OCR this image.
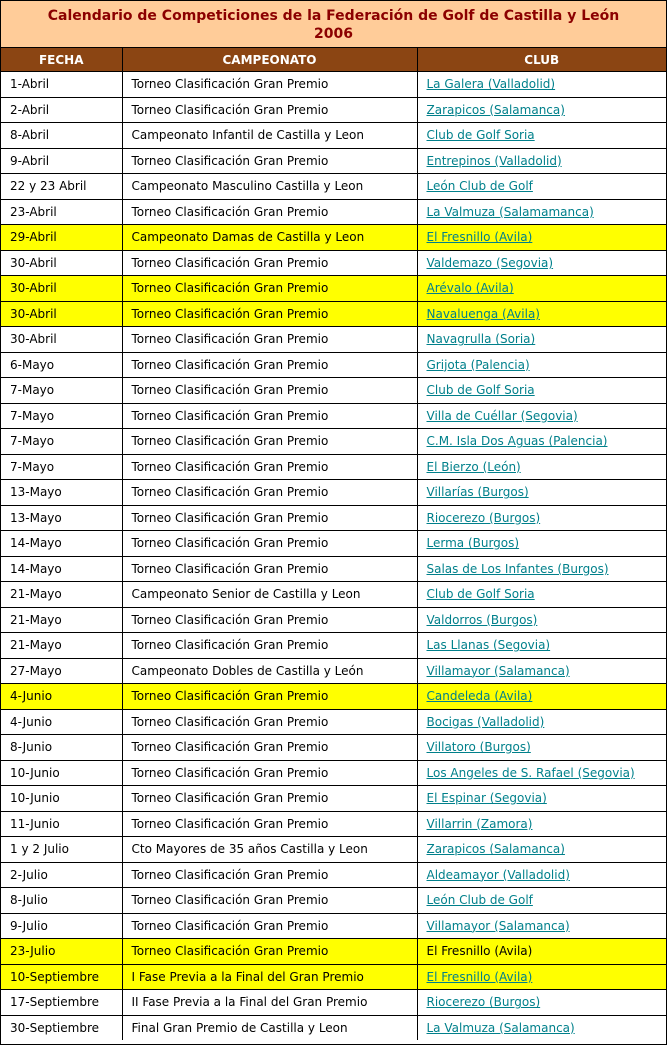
Calendario de Competiciones de la Federación de Golf de Castilla y León
2006
FECHA	CAMPEONATO	CLUB
1-Abril	Torneo Clasificación Gran Premio	La Galera (Valladolid)
2-Abril	Torneo Clasificación Gran Premio	Zarapicos (Salamanca)
8-Abril	Campeonato Infantil de Castilla y Leon	Club de Golf Soria
9-Abril	Torneo Clasificación Gran Premio	Entrepinos (Valladolid)
22 y 23 Abril	Campeonato Masculino Castilla y Leon	León Club de Golf
23-Abril	Torneo Clasificación Gran Premio	La Valmuza (Salamamanca)
29-Abril	Campeonato Damas de Castilla y Leon	El Fresnillo (Avila)
30-Abril	Torneo Clasificación Gran Premio	Valdemazo (Segovia)
30-Abril	Torneo Clasificación Gran Premio	Arévalo (Avila)
30-Abril	Torneo Clasificación Gran Premio	Navaluenga (Avila)
30-Abril	Torneo Clasificación Gran Premio	Navagrulla (Soria)
6-Mayo	Torneo Clasificación Gran Premio	Grijota (Palencia)
7-Mayo	Torneo Clasificación Gran Premio	Club de Golf Soria
7-Mayo	Torneo Clasificación Gran Premio	Villa de Cuéllar (Segovia)
7-Mayo	Torneo Clasificación Gran Premio	C.M. Isla Dos Aguas (Palencia)
7-Mayo	Torneo Clasificación Gran Premio	El Bierzo (León)
13-Mayo	Torneo Clasificación Gran Premio	Villarías (Burgos)
13-Mayo	Torneo Clasificación Gran Premio	Riocerezo (Burgos)
14-Mayo	Torneo Clasificación Gran Premio	Lerma (Burgos)
14-Mayo	Torneo Clasificación Gran Premio	Salas de Los Infantes (Burgos)
21-Mayo	Campeonato Senior de Castilla y Leon	Club de Golf Soria
21-Mayo	Torneo Clasificación Gran Premio	Valdorros (Burgos)
21-Mayo	Torneo Clasificación Gran Premio	Las Llanas (Segovia)
27-Mayo	Campeonato Dobles de Castilla y León	Villamayor (Salamanca)
4-Junio	Torneo Clasificación Gran Premio	Candeleda (Avila)
4-Junio	Torneo Clasificación Gran Premio	Bocigas (Valladolid)
8-Junio	Torneo Clasificación Gran Premio	Villatoro (Burgos)
10-Junio	Torneo Clasificación Gran Premio	Los Angeles de S. Rafael (Segovia)
10-Junio	Torneo Clasificación Gran Premio	El Espinar (Segovia)
11-Junio	Torneo Clasificación Gran Premio	Villarrin (Zamora)
1 y 2 Julio	Cto Mayores de 35 años Castilla y Leon	Zarapicos (Salamanca)
2-Julio	Torneo Clasificación Gran Premio	Aldeamayor (Valladolid)
8-Julio	Torneo Clasificación Gran Premio	León Club de Golf
9-Julio	Torneo Clasificación Gran Premio	Villamayor (Salamanca)
23-Julio	Torneo Clasificación Gran Premio	El Fresnillo (Avila)
10-Septiembre	I Fase Previa a la Final del Gran Premio	El Fresnillo (Avila)
17-Septiembre	II Fase Previa a la Final del Gran Premio	Riocerezo (Burgos)
30-Septiembre	Final Gran Premio de Castilla y Leon	La Valmuza (Salamanca)
